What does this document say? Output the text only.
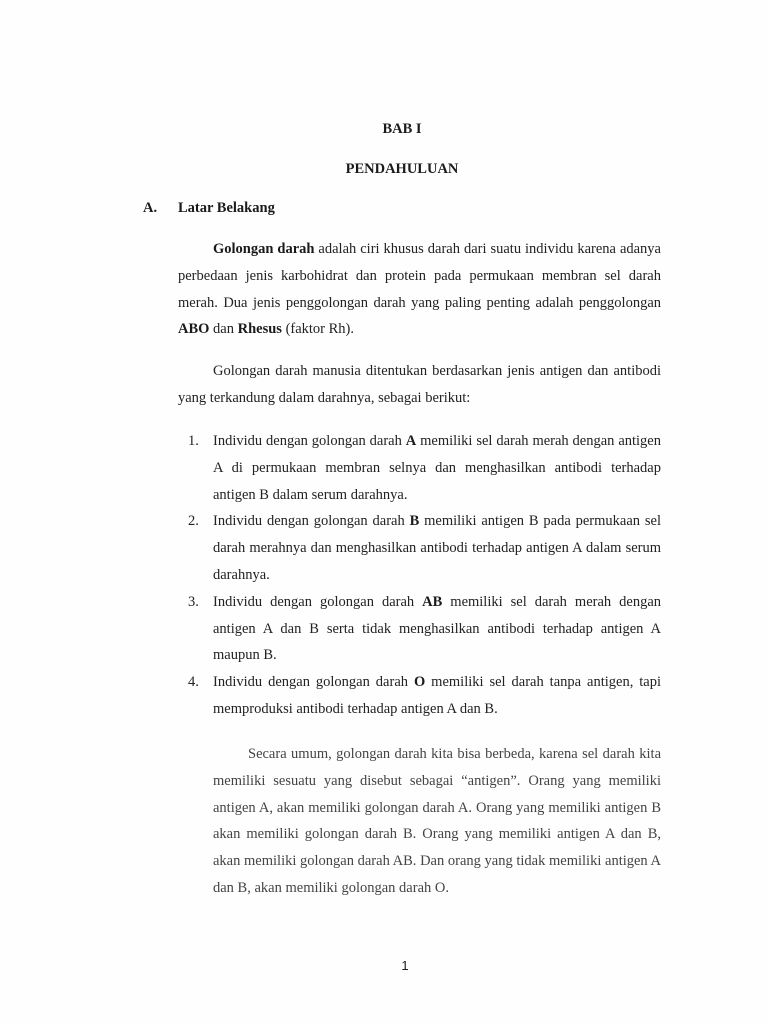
BAB I
PENDAHULUAN
A. Latar Belakang

Golongan darah adalah ciri khusus darah dari suatu individu karena adanya perbedaan jenis karbohidrat dan protein pada permukaan membran sel darah merah. Dua jenis penggolongan darah yang paling penting adalah penggolongan ABO dan Rhesus (faktor Rh).

Golongan darah manusia ditentukan berdasarkan jenis antigen dan antibodi yang terkandung dalam darahnya, sebagai berikut:

1. Individu dengan golongan darah A memiliki sel darah merah dengan antigen A di permukaan membran selnya dan menghasilkan antibodi terhadap antigen B dalam serum darahnya.
2. Individu dengan golongan darah B memiliki antigen B pada permukaan sel darah merahnya dan menghasilkan antibodi terhadap antigen A dalam serum darahnya.
3. Individu dengan golongan darah AB memiliki sel darah merah dengan antigen A dan B serta tidak menghasilkan antibodi terhadap antigen A maupun B.
4. Individu dengan golongan darah O memiliki sel darah tanpa antigen, tapi memproduksi antibodi terhadap antigen A dan B.

Secara umum, golongan darah kita bisa berbeda, karena sel darah kita memiliki sesuatu yang disebut sebagai “antigen”. Orang yang memiliki antigen A, akan memiliki golongan darah A. Orang yang memiliki antigen B akan memiliki golongan darah B. Orang yang memiliki antigen A dan B, akan memiliki golongan darah AB. Dan orang yang tidak memiliki antigen A dan B, akan memiliki golongan darah O.

1
